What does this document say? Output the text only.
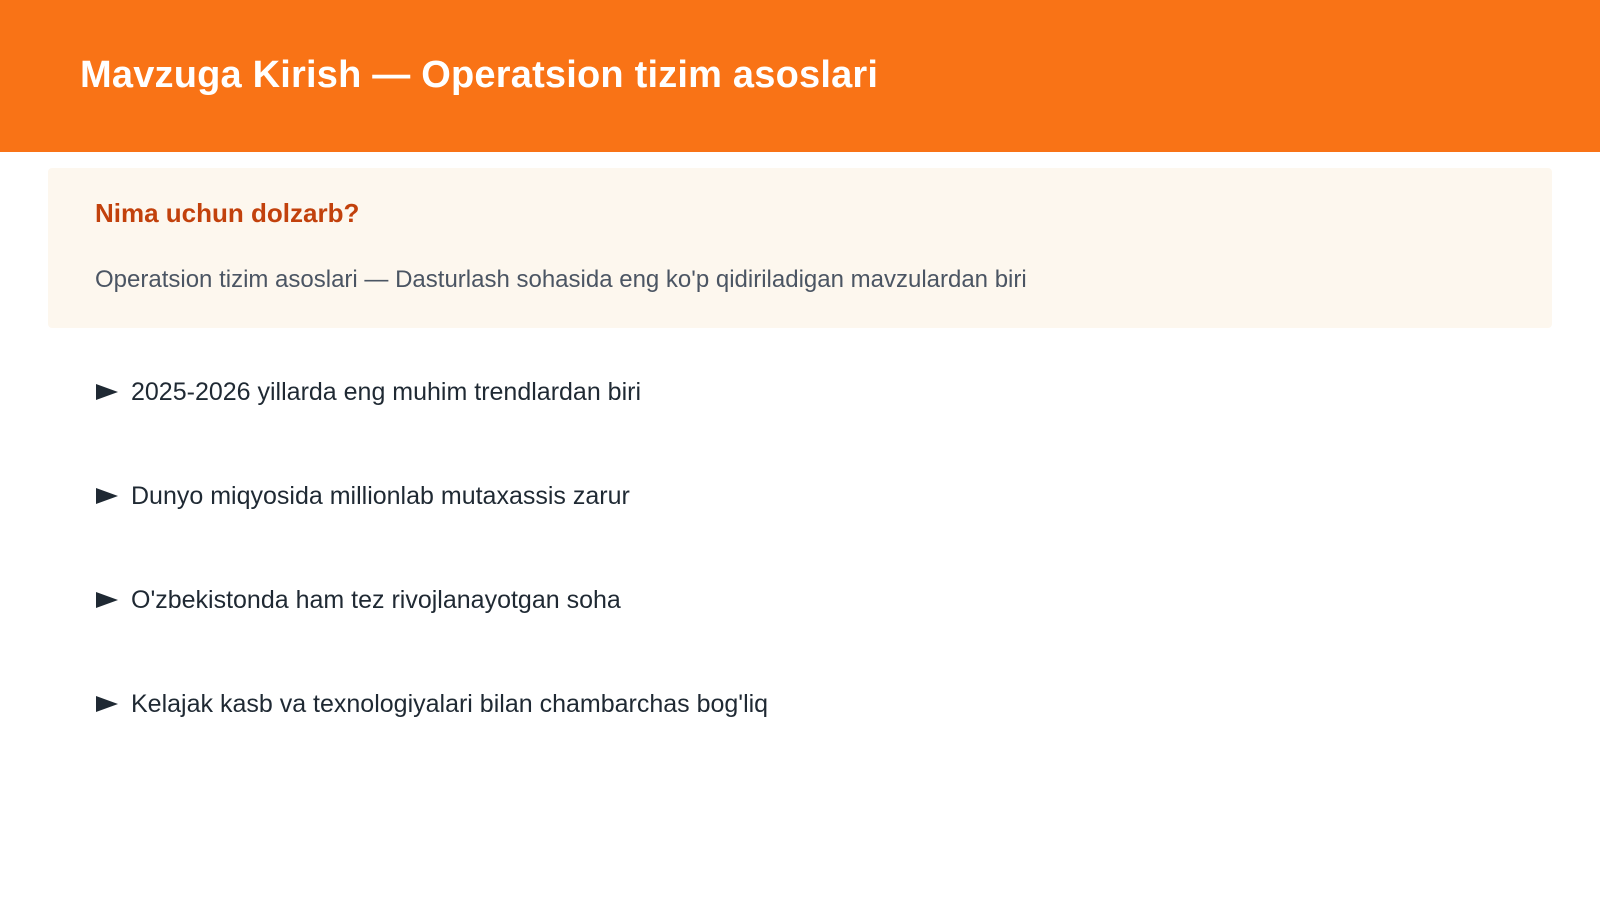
Mavzuga Kirish — Operatsion tizim asoslari
Nima uchun dolzarb?
Operatsion tizim asoslari — Dasturlash sohasida eng ko'p qidiriladigan mavzulardan biri
2025-2026 yillarda eng muhim trendlardan biri
Dunyo miqyosida millionlab mutaxassis zarur
O'zbekistonda ham tez rivojlanayotgan soha
Kelajak kasb va texnologiyalari bilan chambarchas bog'liq
